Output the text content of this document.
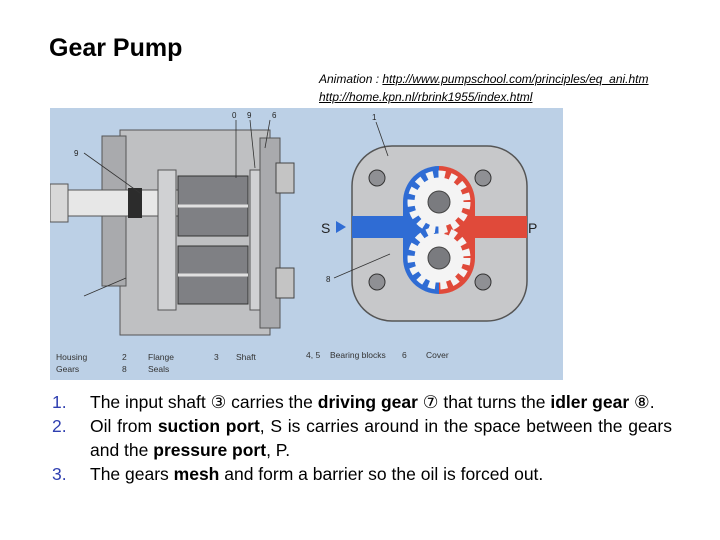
Gear Pump
Animation : http://www.pumpschool.com/principles/eq_ani.htm
http://home.kpn.nl/rbrink1955/index.html
9
0 9	6
S	P
1
8
Housing
Gears
2
8
Flange
Seals
3 Shaft	4, 5 Bearing blocks 6 Cover
1. The input shaft ③ carries the driving gear ⑦ that turns the idler gear ⑧.
2. Oil from suction port, S is carries around in the space between the gears and the pressure port, P.
3. The gears mesh and form a barrier so the oil is forced out.
